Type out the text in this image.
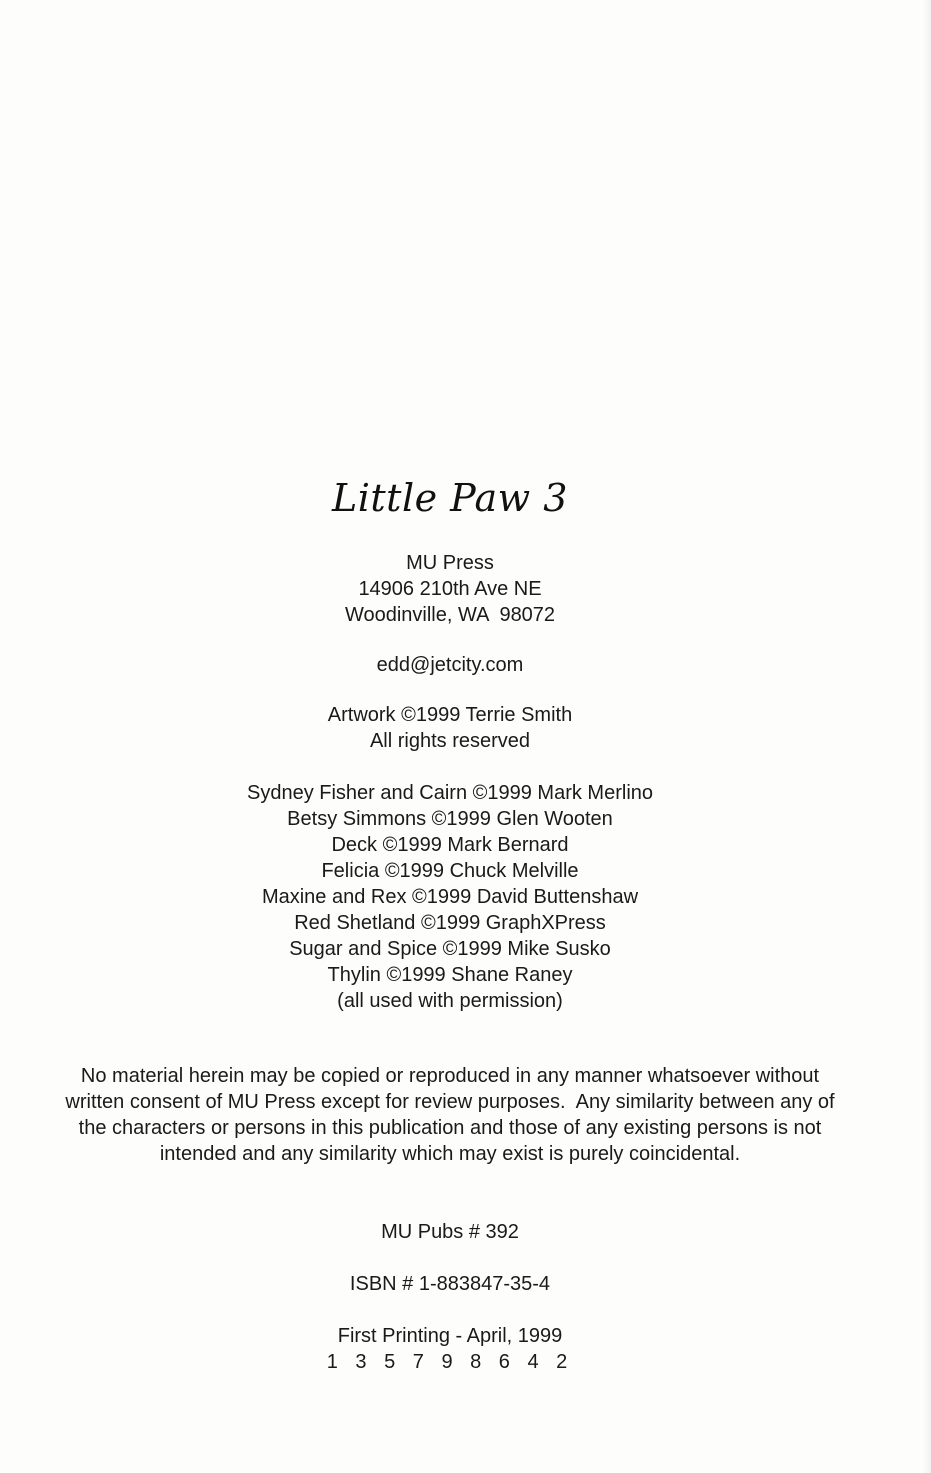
Little Paw 3
MU Press
14906 210th Ave NE
Woodinville, WA  98072
edd@jetcity.com
Artwork ©1999 Terrie Smith
All rights reserved
Sydney Fisher and Cairn ©1999 Mark Merlino
Betsy Simmons ©1999 Glen Wooten
Deck ©1999 Mark Bernard
Felicia ©1999 Chuck Melville
Maxine and Rex ©1999 David Buttenshaw
Red Shetland ©1999 GraphXPress
Sugar and Spice ©1999 Mike Susko
Thylin ©1999 Shane Raney
(all used with permission)
No material herein may be copied or reproduced in any manner whatsoever without
written consent of MU Press except for review purposes.  Any similarity between any of
the characters or persons in this publication and those of any existing persons is not
intended and any similarity which may exist is purely coincidental.
MU Pubs # 392
ISBN # 1-883847-35-4
First Printing - April, 1999
1 3 5 7 9 8 6 4 2
